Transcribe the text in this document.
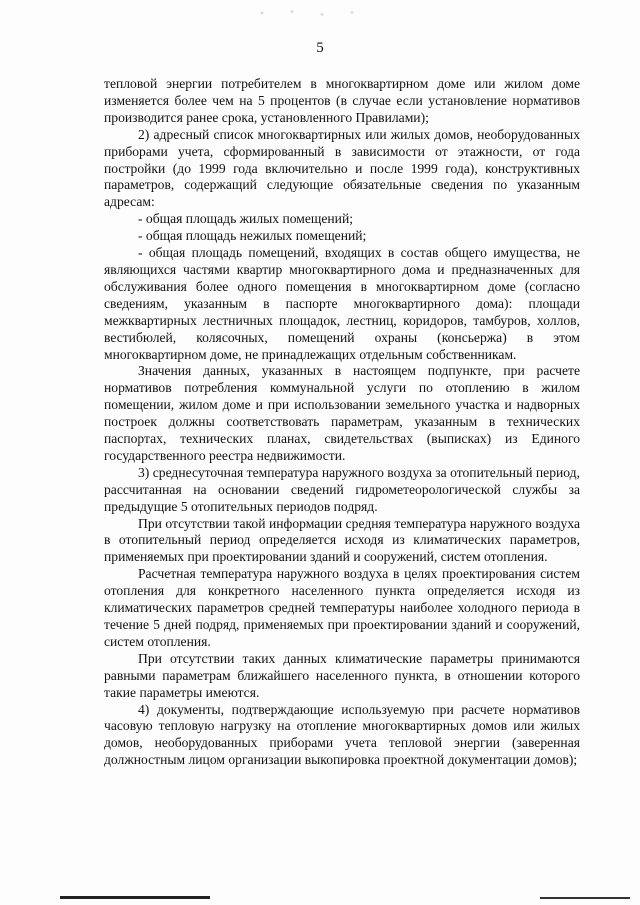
5

тепловой энергии потребителем в многоквартирном доме или жилом доме изменяется более чем на 5 процентов (в случае если установление нормативов производится ранее срока, установленного Правилами);

2) адресный список многоквартирных или жилых домов, необорудованных приборами учета, сформированный в зависимости от этажности, от года постройки (до 1999 года включительно и после 1999 года), конструктивных параметров, содержащий следующие обязательные сведения по указанным адресам:

- общая площадь жилых помещений;

- общая площадь нежилых помещений;

- общая площадь помещений, входящих в состав общего имущества, не являющихся частями квартир многоквартирного дома и предназначенных для обслуживания более одного помещения в многоквартирном доме (согласно сведениям, указанным в паспорте многоквартирного дома): площади межквартирных лестничных площадок, лестниц, коридоров, тамбуров, холлов, вестибюлей, колясочных, помещений охраны (консьержа) в этом многоквартирном доме, не принадлежащих отдельным собственникам.

Значения данных, указанных в настоящем подпункте, при расчете нормативов потребления коммунальной услуги по отоплению в жилом помещении, жилом доме и при использовании земельного участка и надворных построек должны соответствовать параметрам, указанным в технических паспортах, технических планах, свидетельствах (выписках) из Единого государственного реестра недвижимости.

3) среднесуточная температура наружного воздуха за отопительный период, рассчитанная на основании сведений гидрометеорологической службы за предыдущие 5 отопительных периодов подряд.

При отсутствии такой информации средняя температура наружного воздуха в отопительный период определяется исходя из климатических параметров, применяемых при проектировании зданий и сооружений, систем отопления.

Расчетная температура наружного воздуха в целях проектирования систем отопления для конкретного населенного пункта определяется исходя из климатических параметров средней температуры наиболее холодного периода в течение 5 дней подряд, применяемых при проектировании зданий и сооружений, систем отопления.

При отсутствии таких данных климатические параметры принимаются равными параметрам ближайшего населенного пункта, в отношении которого такие параметры имеются.

4) документы, подтверждающие используемую при расчете нормативов часовую тепловую нагрузку на отопление многоквартирных домов или жилых домов, необорудованных приборами учета тепловой энергии (заверенная должностным лицом организации выкопировка проектной документации домов);
